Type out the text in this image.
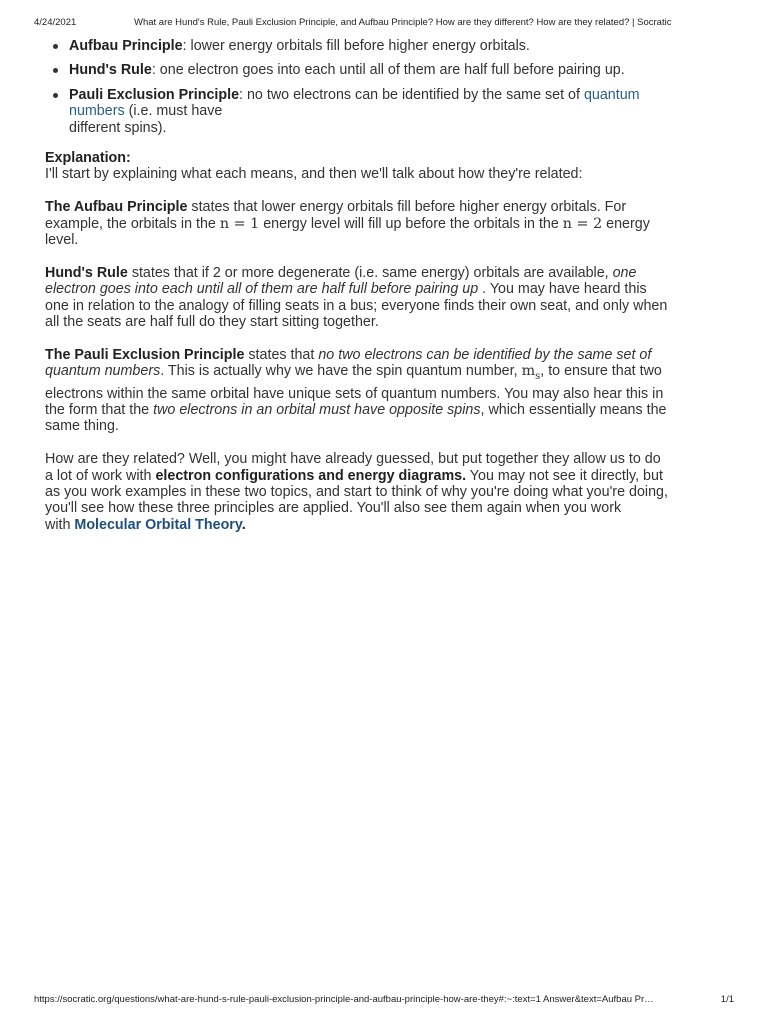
4/24/2021	What are Hund's Rule, Pauli Exclusion Principle, and Aufbau Principle? How are they different? How are they related? | Socratic
Aufbau Principle: lower energy orbitals fill before higher energy orbitals.
Hund's Rule: one electron goes into each until all of them are half full before pairing up.
Pauli Exclusion Principle: no two electrons can be identified by the same set of quantum
numbers (i.e. must have
different spins).

Explanation:

I'll start by explaining what each means, and then we'll talk about how they're related:

The Aufbau Principle states that lower energy orbitals fill before higher energy orbitals. For
example, the orbitals in the n = 1 energy level will fill up before the orbitals in the n = 2 energy
level.

Hund's Rule states that if 2 or more degenerate (i.e. same energy) orbitals are available, one
electron goes into each until all of them are half full before pairing up . You may have heard this
one in relation to the analogy of filling seats in a bus; everyone finds their own seat, and only when
all the seats are half full do they start sitting together.

The Pauli Exclusion Principle states that no two electrons can be identified by the same set of
quantum numbers. This is actually why we have the spin quantum number, $m_s$, to ensure that two
electrons within the same orbital have unique sets of quantum numbers. You may also hear this in
the form that the two electrons in an orbital must have opposite spins, which essentially means the
same thing.

How are they related? Well, you might have already guessed, but put together they allow us to do
a lot of work with electron configurations and energy diagrams. You may not see it directly, but
as you work examples in these two topics, and start to think of why you're doing what you're doing,
you'll see how these three principles are applied. You'll also see them again when you work
with Molecular Orbital Theory.

https://socratic.org/questions/what-are-hund-s-rule-pauli-exclusion-principle-and-aufbau-principle-how-are-they#:~:text=1 Answer&text=Aufbau Pr…	1/1
